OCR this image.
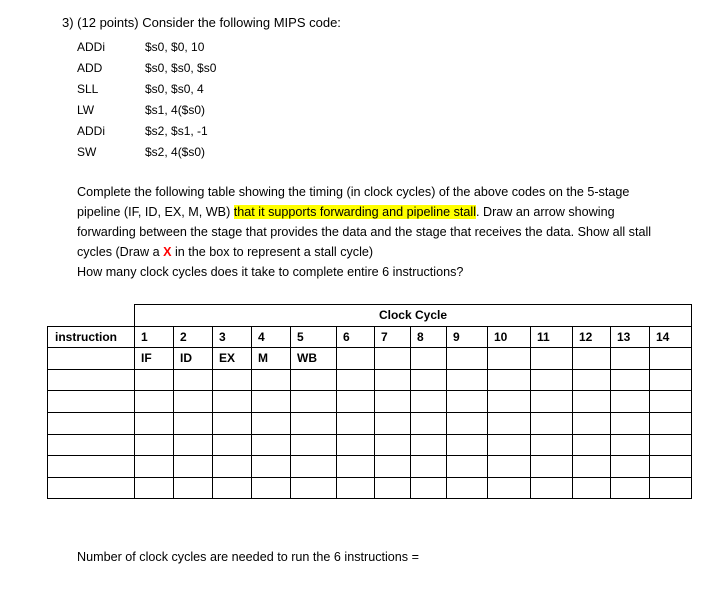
3) (12 points) Consider the following MIPS code:
ADDi	$s0, $0, 10
ADD	$s0, $s0, $s0
SLL	$s0, $s0, 4
LW	$s1, 4($s0)
ADDi	$s2, $s1, -1
SW	$s2, 4($s0)
Complete the following table showing the timing (in clock cycles) of the above codes on the 5-stage pipeline (IF, ID, EX, M, WB) that it supports forwarding and pipeline stall. Draw an arrow showing forwarding between the stage that provides the data and the stage that receives the data. Show all stall cycles (Draw a X in the box to represent a stall cycle)
How many clock cycles does it take to complete entire 6 instructions?
	Clock Cycle													
instruction	1	2	3	4	5	6	7	8	9	10	11	12	13	14
	IF	ID	EX	M	WB									

Number of clock cycles are needed to run the 6 instructions =
